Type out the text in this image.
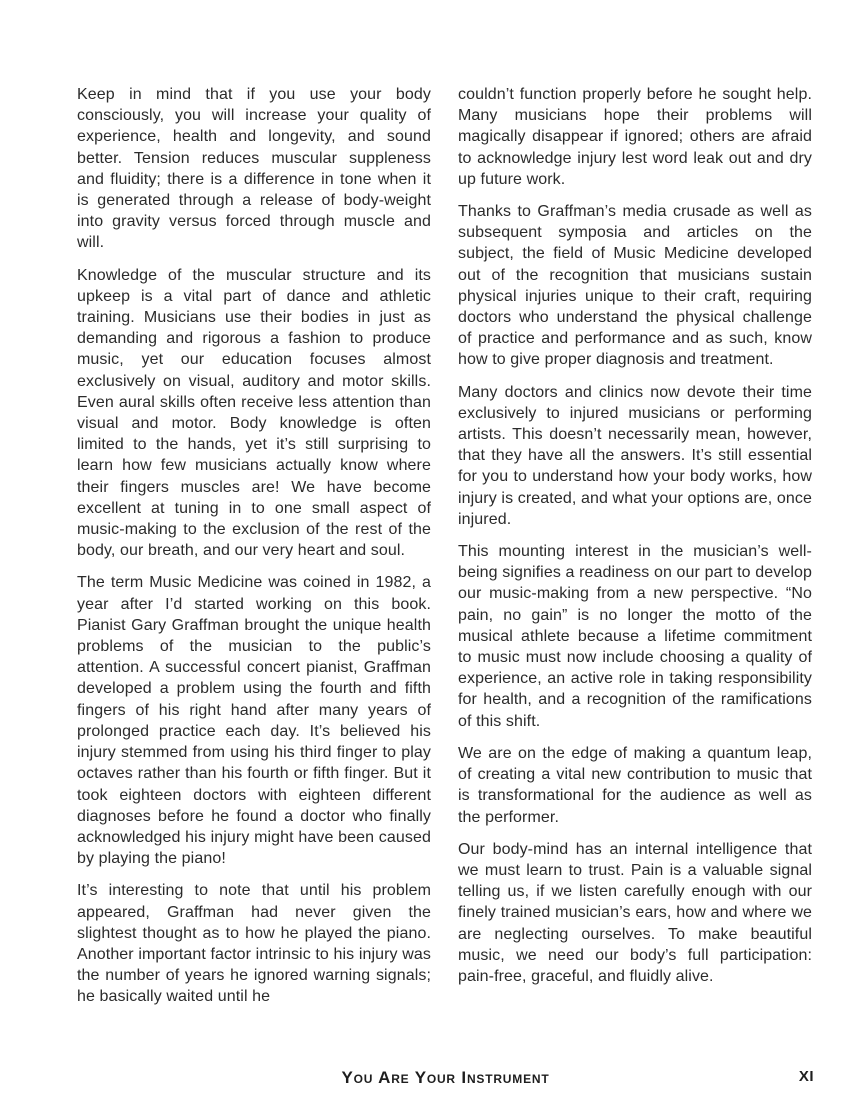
Keep in mind that if you use your body consciously, you will increase your quality of experience, health and longevity, and sound better. Tension reduces muscular suppleness and fluidity; there is a difference in tone when it is generated through a release of body-weight into gravity versus forced through muscle and will.

Knowledge of the muscular structure and its upkeep is a vital part of dance and athletic training. Musicians use their bodies in just as demanding and rigorous a fashion to produce music, yet our education focuses almost exclusively on visual, auditory and motor skills. Even aural skills often receive less attention than visual and motor. Body knowledge is often limited to the hands, yet it’s still surprising to learn how few musicians actually know where their fingers muscles are! We have become excellent at tuning in to one small aspect of music-making to the exclusion of the rest of the body, our breath, and our very heart and soul.

The term Music Medicine was coined in 1982, a year after I’d started working on this book. Pianist Gary Graffman brought the unique health problems of the musician to the public’s attention. A successful concert pianist, Graffman developed a problem using the fourth and fifth fingers of his right hand after many years of prolonged practice each day. It’s believed his injury stemmed from using his third finger to play octaves rather than his fourth or fifth finger. But it took eighteen doctors with eighteen different diagnoses before he found a doctor who finally acknowledged his injury might have been caused by playing the piano!

It’s interesting to note that until his problem appeared, Graffman had never given the slightest thought as to how he played the piano. Another important factor intrinsic to his injury was the number of years he ignored warning signals; he basically waited until he

couldn’t function properly before he sought help. Many musicians hope their problems will magically disappear if ignored; others are afraid to acknowledge injury lest word leak out and dry up future work.

Thanks to Graffman’s media crusade as well as subsequent symposia and articles on the subject, the field of Music Medicine developed out of the recognition that musicians sustain physical injuries unique to their craft, requiring doctors who understand the physical challenge of practice and performance and as such, know how to give proper diagnosis and treatment.

Many doctors and clinics now devote their time exclusively to injured musicians or performing artists. This doesn’t necessarily mean, however, that they have all the answers. It’s still essential for you to understand how your body works, how injury is created, and what your options are, once injured.

This mounting interest in the musician’s well-being signifies a readiness on our part to develop our music-making from a new perspective. “No pain, no gain” is no longer the motto of the musical athlete because a lifetime commitment to music must now include choosing a quality of experience, an active role in taking responsibility for health, and a recognition of the ramifications of this shift.

We are on the edge of making a quantum leap, of creating a vital new contribution to music that is transformational for the audience as well as the performer.

Our body-mind has an internal intelligence that we must learn to trust. Pain is a valuable signal telling us, if we listen carefully enough with our finely trained musician’s ears, how and where we are neglecting ourselves. To make beautiful music, we need our body’s full participation: pain-free, graceful, and fluidly alive.

You Are Your Instrument	XI
